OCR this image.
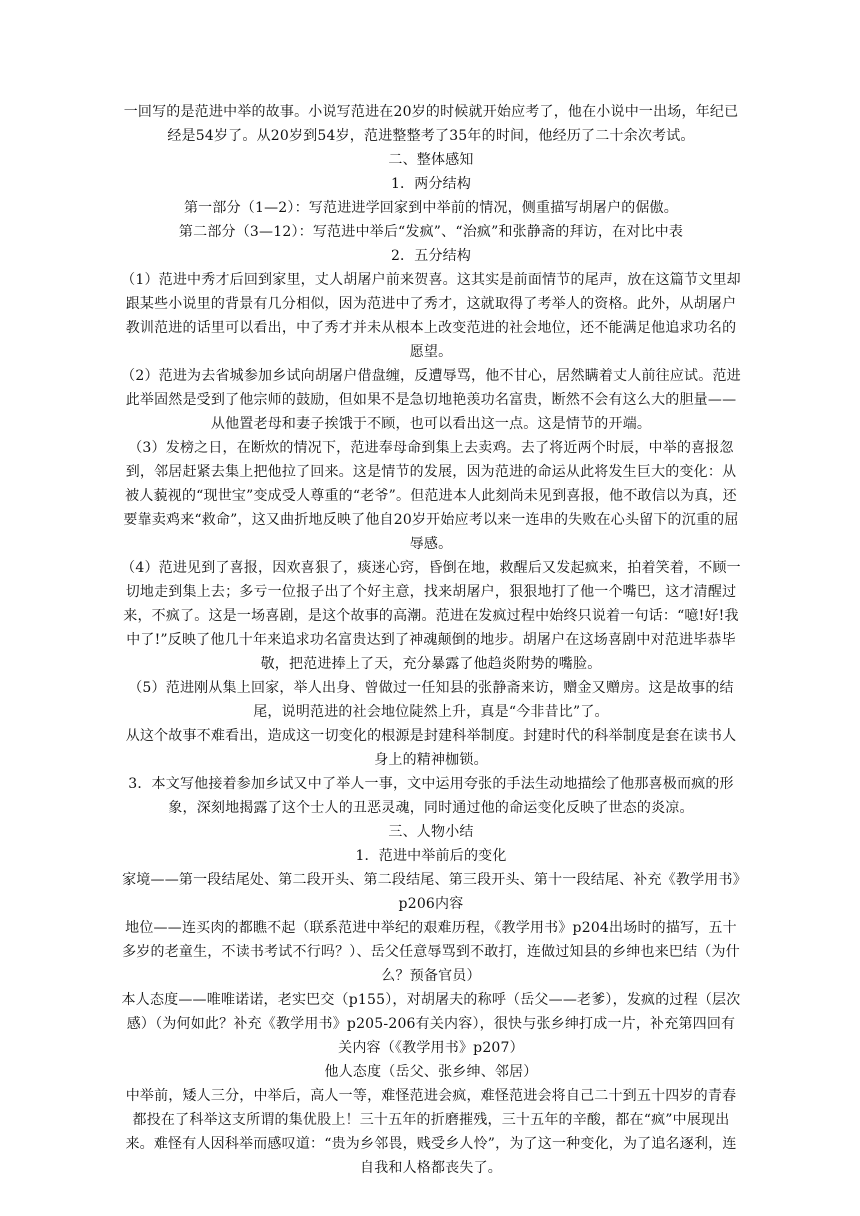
一回写的是范进中举的故事。小说写范进在20岁的时候就开始应考了，他在小说中一出场，年纪已经是54岁了。从20岁到54岁，范进整整考了35年的时间，他经历了二十余次考试。

二、整体感知

1．两分结构

第一部分（1—2）：写范进进学回家到中举前的情况，侧重描写胡屠户的倨傲。

第二部分（3—12）：写范进中举后“发疯”、“治疯”和张静斋的拜访，在对比中表

2．五分结构

（1）范进中秀才后回到家里，丈人胡屠户前来贺喜。这其实是前面情节的尾声，放在这篇节文里却跟某些小说里的背景有几分相似，因为范进中了秀才，这就取得了考举人的资格。此外，从胡屠户教训范进的话里可以看出，中了秀才并未从根本上改变范进的社会地位，还不能满足他追求功名的愿望。

（2）范进为去省城参加乡试向胡屠户借盘缠，反遭辱骂，他不甘心，居然瞒着丈人前往应试。范进此举固然是受到了他宗师的鼓励，但如果不是急切地艳羡功名富贵，断然不会有这么大的胆量——从他置老母和妻子挨饿于不顾，也可以看出这一点。这是情节的开端。

（3）发榜之日，在断炊的情况下，范进奉母命到集上去卖鸡。去了将近两个时辰，中举的喜报忽到，邻居赶紧去集上把他拉了回来。这是情节的发展，因为范进的命运从此将发生巨大的变化：从被人藐视的“现世宝”变成受人尊重的“老爷”。但范进本人此刻尚未见到喜报，他不敢信以为真，还要靠卖鸡来“救命”，这又曲折地反映了他自20岁开始应考以来一连串的失败在心头留下的沉重的屈辱感。

（4）范进见到了喜报，因欢喜狠了，痰迷心窍，昏倒在地，救醒后又发起疯来，拍着笑着，不顾一切地走到集上去；多亏一位报子出了个好主意，找来胡屠户，狠狠地打了他一个嘴巴，这才清醒过来，不疯了。这是一场喜剧，是这个故事的高潮。范进在发疯过程中始终只说着一句话：“噫!好!我中了!”反映了他几十年来追求功名富贵达到了神魂颠倒的地步。胡屠户在这场喜剧中对范进毕恭毕敬，把范进捧上了天，充分暴露了他趋炎附势的嘴脸。

（5）范进刚从集上回家，举人出身、曾做过一任知县的张静斋来访，赠金又赠房。这是故事的结尾，说明范进的社会地位陡然上升，真是“今非昔比”了。

从这个故事不难看出，造成这一切变化的根源是封建科举制度。封建时代的科举制度是套在读书人身上的精神枷锁。

3．本文写他接着参加乡试又中了举人一事，文中运用夸张的手法生动地描绘了他那喜极而疯的形象，深刻地揭露了这个士人的丑恶灵魂，同时通过他的命运变化反映了世态的炎凉。

三、人物小结

1．范进中举前后的变化

家境——第一段结尾处、第二段开头、第二段结尾、第三段开头、第十一段结尾、补充《教学用书》p206内容

地位——连买肉的都瞧不起（联系范进中举纪的艰难历程，《教学用书》p204出场时的描写，五十多岁的老童生，不读书考试不行吗？）、岳父任意辱骂到不敢打，连做过知县的乡绅也来巴结（为什么？预备官员）

本人态度——唯唯诺诺，老实巴交（p155），对胡屠夫的称呼（岳父——老爹），发疯的过程（层次感）（为何如此？补充《教学用书》p205-206有关内容），很快与张乡绅打成一片，补充第四回有关内容（《教学用书》p207）

他人态度（岳父、张乡绅、邻居）

中举前，矮人三分，中举后，高人一等，难怪范进会疯，难怪范进会将自己二十到五十四岁的青春都投在了科举这支所谓的集优股上！三十五年的折磨摧残，三十五年的辛酸，都在“疯”中展现出来。难怪有人因科举而感叹道：“贵为乡邻畏，贱受乡人怜”，为了这一种变化，为了追名逐利，连自我和人格都丧失了。
